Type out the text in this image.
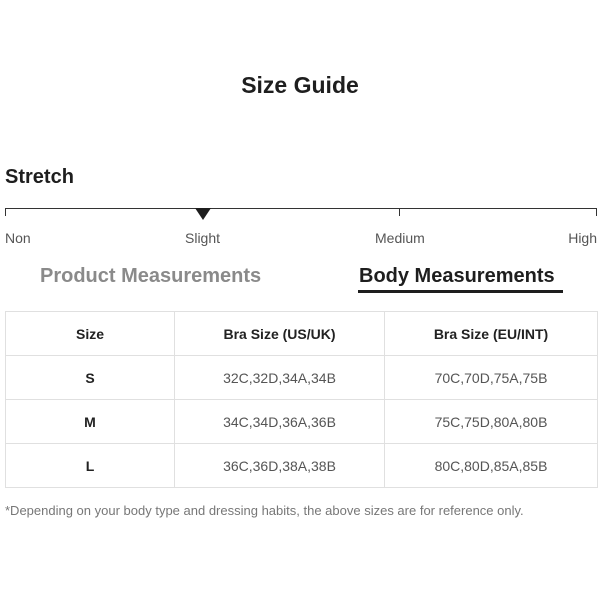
Size Guide
Stretch
Non	Slight	Medium	High
Product Measurements	Body Measurements
Size	Bra Size (US/UK)	Bra Size (EU/INT)
S	32C,32D,34A,34B	70C,70D,75A,75B
M	34C,34D,36A,36B	75C,75D,80A,80B
L	36C,36D,38A,38B	80C,80D,85A,85B
*Depending on your body type and dressing habits, the above sizes are for reference only.
